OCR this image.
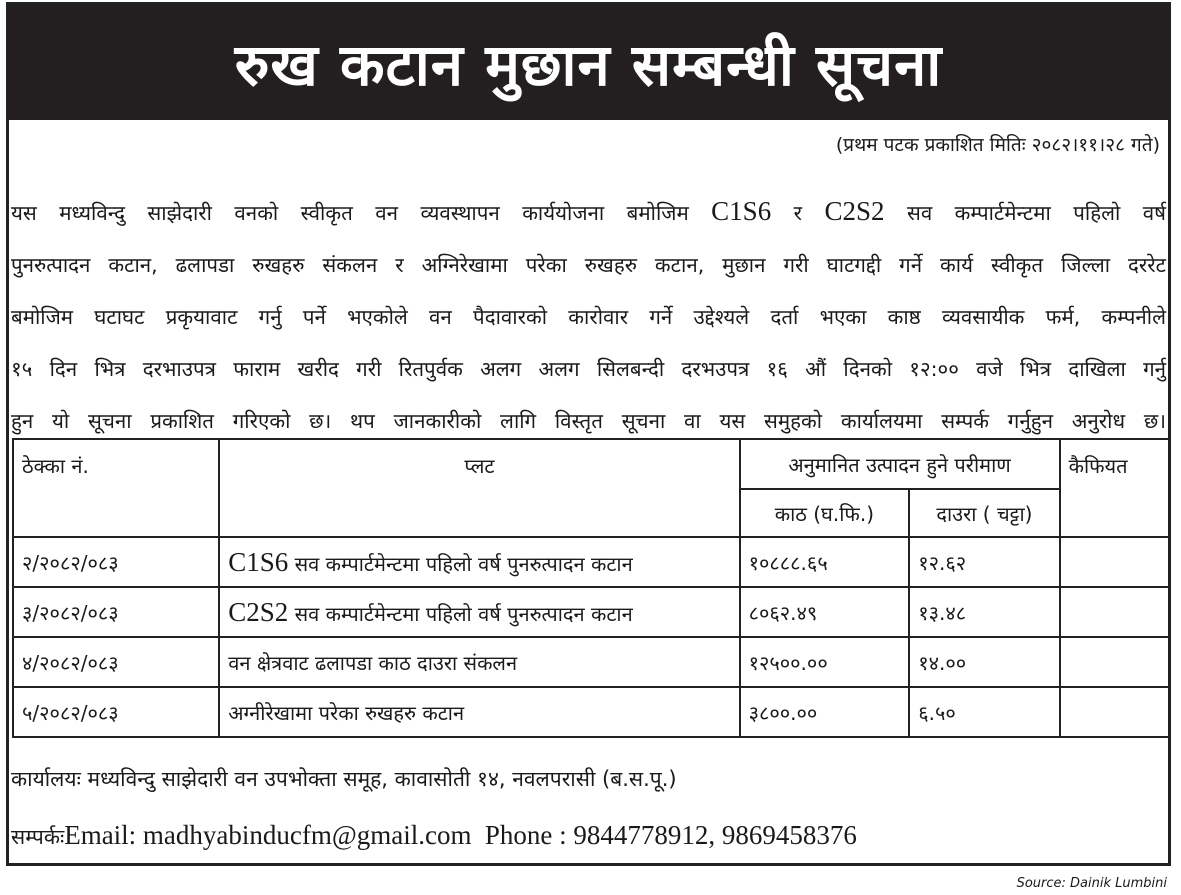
रुख कटान मुछान सम्बन्धी सूचना
(प्रथम पटक प्रकाशित मितिः २०८२।११।२८ गते)
यस मध्यविन्दु साझेदारी वनको स्वीकृत वन व्यवस्थापन कार्ययोजना बमोजिम C1S6 र C2S2 सव कम्पार्टमेन्टमा पहिलो वर्ष
पुनरुत्पादन कटान, ढलापडा रुखहरु संकलन र अग्निरेखामा परेका रुखहरु कटान, मुछान गरी घाटगद्दी गर्ने कार्य स्वीकृत जिल्ला दररेट
बमोजिम घटाघट प्रकृयावाट गर्नु पर्ने भएकोले वन पैदावारको कारोवार गर्ने उद्देश्यले दर्ता भएका काष्ठ व्यवसायीक फर्म, कम्पनीले
१५ दिन भित्र दरभाउपत्र फाराम खरीद गरी रितपुर्वक अलग अलग सिलबन्दी दरभउपत्र १६ औं दिनको १२:०० वजे भित्र दाखिला गर्नु
हुन यो सूचना प्रकाशित गरिएको छ। थप जानकारीको लागि विस्तृत सूचना वा यस समुहको कार्यालयमा सम्पर्क गर्नुहुन अनुरोध छ।
ठेक्का नं.	प्लट	अनुमानित उत्पादन हुने परीमाण		कैफियत
		काठ (घ.फि.)	दाउरा ( चट्टा)	
२/२०८२/०८३	C1S6 सव कम्पार्टमेन्टमा पहिलो वर्ष पुनरुत्पादन कटान	१०८८८.६५	१२.६२	
३/२०८२/०८३	C2S2 सव कम्पार्टमेन्टमा पहिलो वर्ष पुनरुत्पादन कटान	८०६२.४९	१३.४८	
४/२०८२/०८३	वन क्षेत्रवाट ढलापडा काठ दाउरा संकलन	१२५००.००	१४.००	
५/२०८२/०८३	अग्नीरेखामा परेका रुखहरु कटान	३८००.००	६.५०	
कार्यालयः मध्यविन्दु साझेदारी वन उपभोक्ता समूह, कावासोती १४, नवलपरासी (ब.स.पू.)
सम्पर्कःEmail: madhyabinducfm@gmail.com Phone : 9844778912, 9869458376
Source: Dainik Lumbini
